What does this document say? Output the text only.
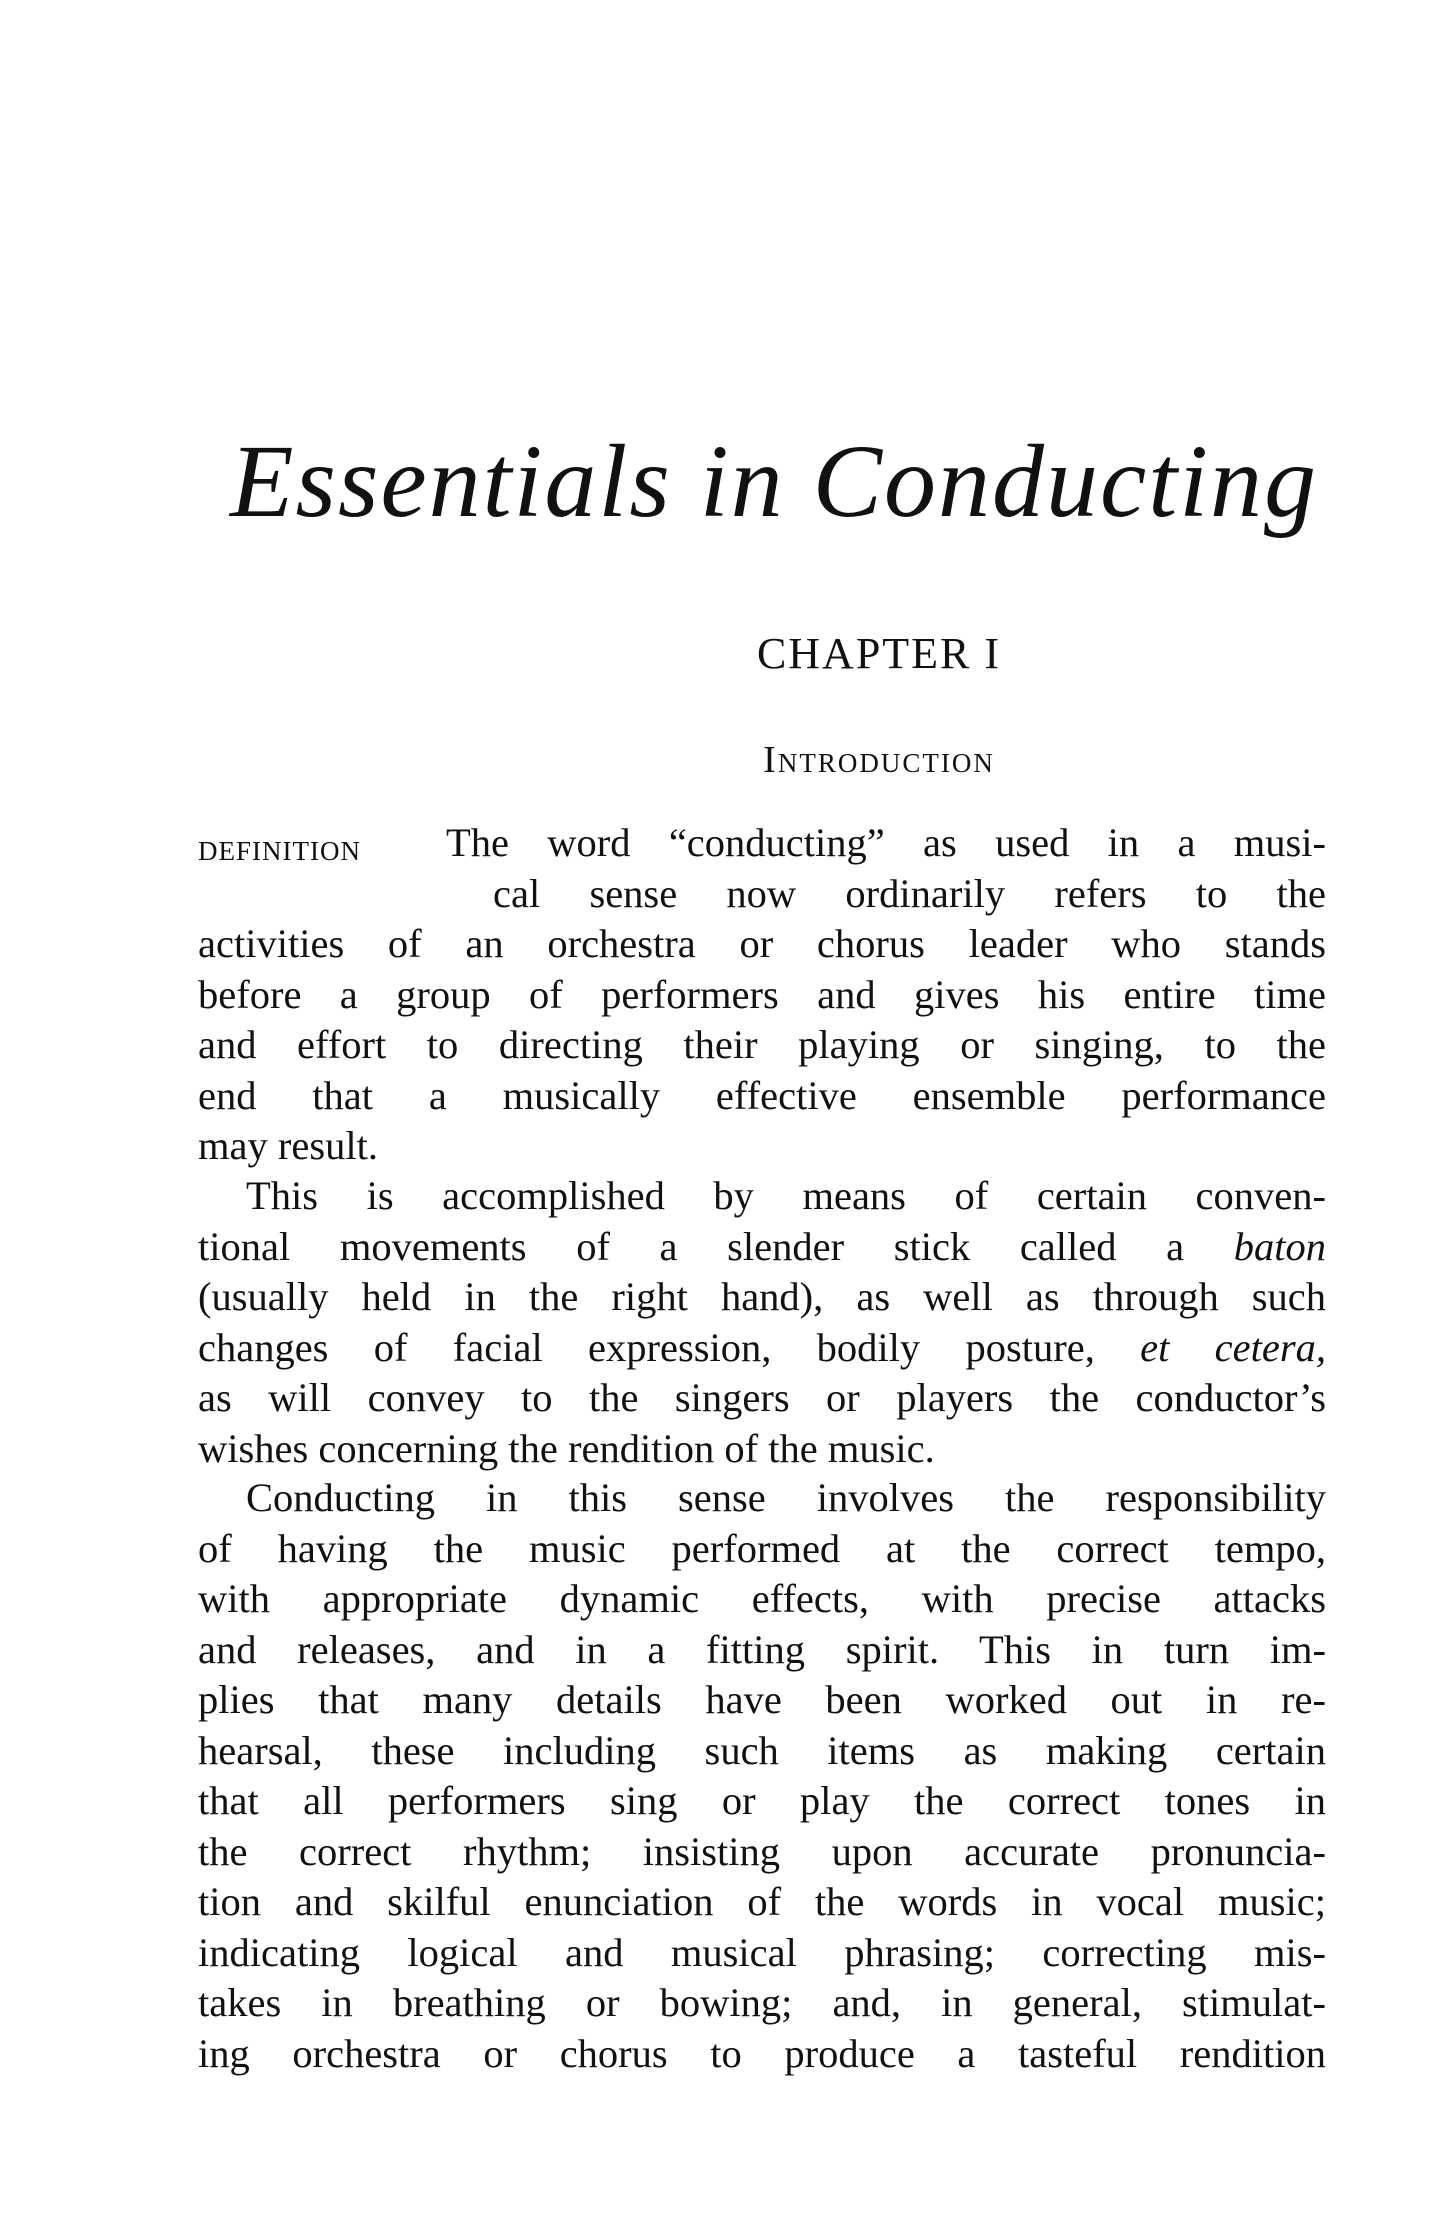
Essentials in Conducting
CHAPTER I
Introduction
DEFINITION The word “conducting” as used in a musi-
cal sense now ordinarily refers to the
activities of an orchestra or chorus leader who stands
before a group of performers and gives his entire time
and effort to directing their playing or singing, to the
end that a musically effective ensemble performance
may result.
This is accomplished by means of certain conven-
tional movements of a slender stick called a baton
(usually held in the right hand), as well as through such
changes of facial expression, bodily posture, et cetera,
as will convey to the singers or players the conductor’s
wishes concerning the rendition of the music.
Conducting in this sense involves the responsibility
of having the music performed at the correct tempo,
with appropriate dynamic effects, with precise attacks
and releases, and in a fitting spirit. This in turn im-
plies that many details have been worked out in re-
hearsal, these including such items as making certain
that all performers sing or play the correct tones in
the correct rhythm; insisting upon accurate pronuncia-
tion and skilful enunciation of the words in vocal music;
indicating logical and musical phrasing; correcting mis-
takes in breathing or bowing; and, in general, stimulat-
ing orchestra or chorus to produce a tasteful rendition
